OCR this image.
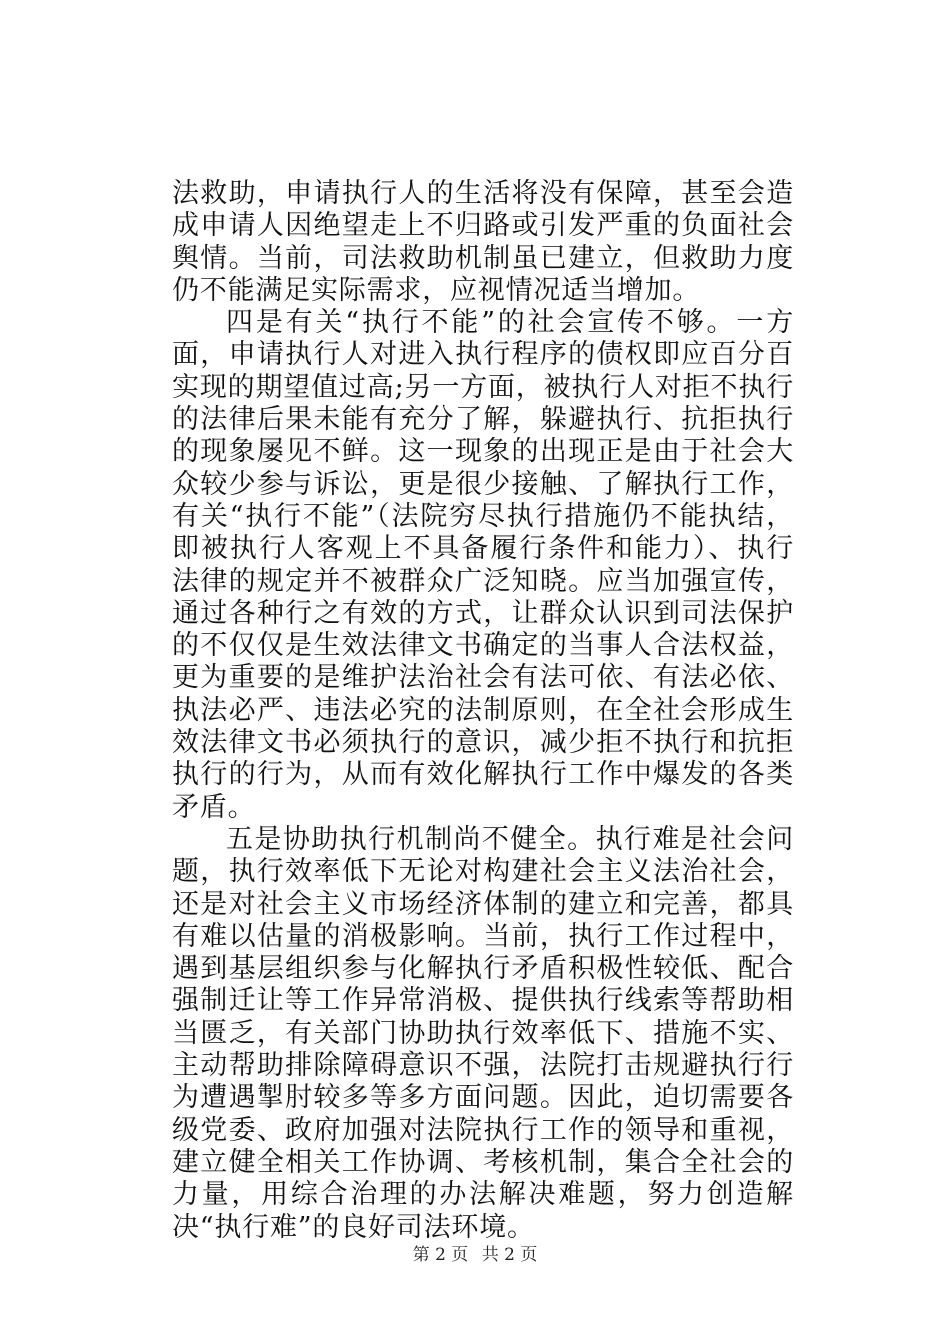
法救助，申请执行人的生活将没有保障，甚至会造成申请人因绝望走上不归路或引发严重的负面社会舆情。当前，司法救助机制虽已建立，但救助力度仍不能满足实际需求，应视情况适当增加。

四是有关“执行不能”的社会宣传不够。一方面，申请执行人对进入执行程序的债权即应百分百实现的期望值过高;另一方面，被执行人对拒不执行的法律后果未能有充分了解，躲避执行、抗拒执行的现象屡见不鲜。这一现象的出现正是由于社会大众较少参与诉讼，更是很少接触、了解执行工作，有关“执行不能”（法院穷尽执行措施仍不能执结，即被执行人客观上不具备履行条件和能力）、执行法律的规定并不被群众广泛知晓。应当加强宣传，通过各种行之有效的方式，让群众认识到司法保护的不仅仅是生效法律文书确定的当事人合法权益，更为重要的是维护法治社会有法可依、有法必依、执法必严、违法必究的法制原则，在全社会形成生效法律文书必须执行的意识，减少拒不执行和抗拒执行的行为，从而有效化解执行工作中爆发的各类矛盾。

五是协助执行机制尚不健全。执行难是社会问题，执行效率低下无论对构建社会主义法治社会，还是对社会主义市场经济体制的建立和完善，都具有难以估量的消极影响。当前，执行工作过程中，遇到基层组织参与化解执行矛盾积极性较低、配合强制迁让等工作异常消极、提供执行线索等帮助相当匮乏，有关部门协助执行效率低下、措施不实、主动帮助排除障碍意识不强，法院打击规避执行行为遭遇掣肘较多等多方面问题。因此，迫切需要各级党委、政府加强对法院执行工作的领导和重视，建立健全相关工作协调、考核机制，集合全社会的力量，用综合治理的办法解决难题，努力创造解决“执行难”的良好司法环境。

第 2 页 共 2 页
